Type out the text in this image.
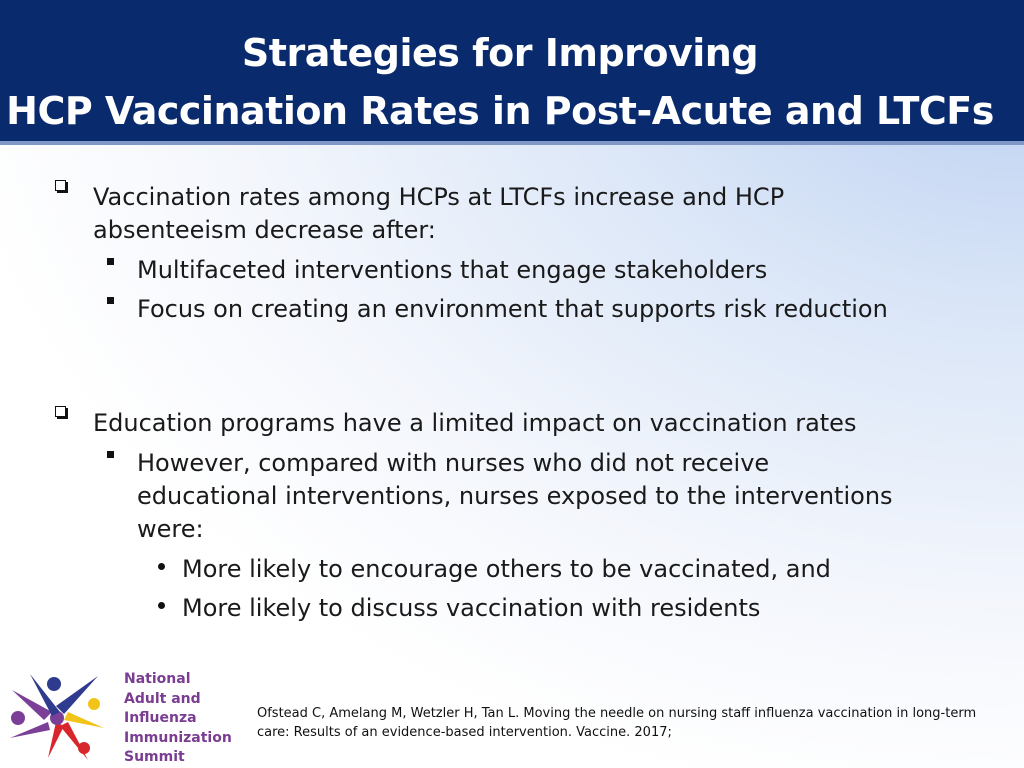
Strategies for Improving
HCP Vaccination Rates in Post-Acute and LTCFs
Vaccination rates among HCPs at LTCFs increase and HCP
absenteeism decrease after:
Multifaceted interventions that engage stakeholders
Focus on creating an environment that supports risk reduction
Education programs have a limited impact on vaccination rates
However, compared with nurses who did not receive
educational interventions, nurses exposed to the interventions
were:
More likely to encourage others to be vaccinated, and
More likely to discuss vaccination with residents
National
Adult and
Influenza
Immunization
Summit
Ofstead C, Amelang M, Wetzler H, Tan L. Moving the needle on nursing staff influenza vaccination in long-term
care: Results of an evidence-based intervention. Vaccine. 2017;
